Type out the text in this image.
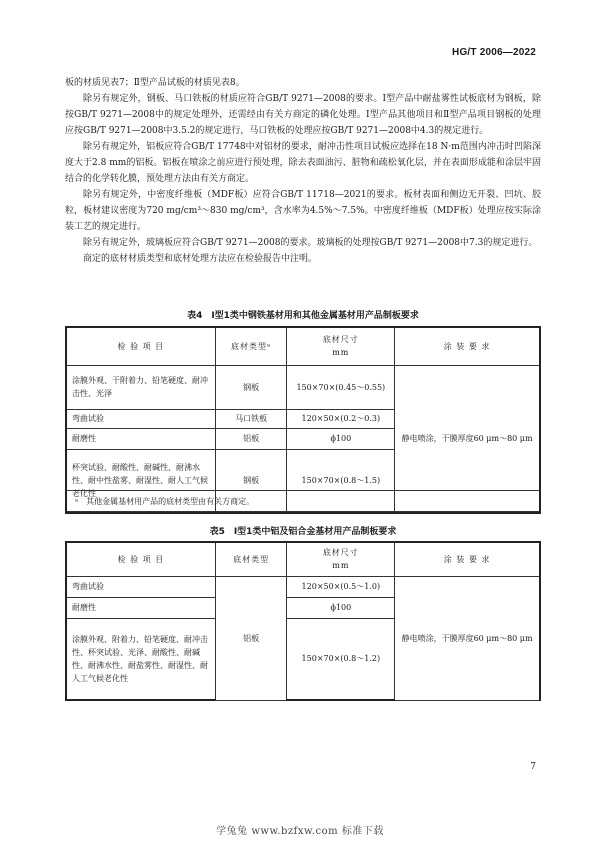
HG/T 2006—2022

板的材质见表7；Ⅱ型产品试板的材质见表8。

除另有规定外，钢板、马口铁板的材质应符合GB/T 9271—2008的要求。Ⅰ型产品中耐盐雾性试板底材为钢板，除按GB/T 9271—2008中的规定处理外，还需经由有关方商定的磷化处理。Ⅰ型产品其他项目和Ⅱ型产品项目钢板的处理应按GB/T 9271—2008中3.5.2的规定进行，马口铁板的处理应按GB/T 9271—2008中4.3的规定进行。

除另有规定外，铝板应符合GB/T 17748中对铝材的要求，耐冲击性项目试板应选择在18 N·m范围内冲击时凹陷深度大于2.8 mm的铝板。铝板在喷涂之前应进行预处理，除去表面油污、脏物和疏松氧化层，并在表面形成能和涂层牢固结合的化学转化膜，预处理方法由有关方商定。

除另有规定外，中密度纤维板（MDF板）应符合GB/T 11718—2021的要求。板材表面和侧边无开裂、凹坑、胶粒，板材建议密度为720 mg/cm³～830 mg/cm³，含水率为4.5%～7.5%。中密度纤维板（MDF板）处理应按实际涂装工艺的规定进行。

除另有规定外，玻璃板应符合GB/T 9271—2008的要求。玻璃板的处理按GB/T 9271—2008中7.3的规定进行。

商定的底材材质类型和底材处理方法应在检验报告中注明。

表4　Ⅰ型1类中钢铁基材用和其他金属基材用产品制板要求
检 验 项 目	底材类型ᵃ	底材尺寸
mm	涂 装 要 求
涂膜外观、干附着力、铅笔硬度、耐冲击性、光泽	钢板	150×70×(0.45～0.55)	静电喷涂，干膜厚度60 μm～80 μm
弯曲试验	马口铁板	120×50×(0.2～0.3)	
耐磨性	铝板	ϕ100	
杯突试验、耐酸性、耐碱性、耐沸水性、耐中性盐雾、耐湿性、耐人工气候老化性	钢板	150×70×(0.8～1.5)	
ᵃ　其他金属基材用产品的底材类型由有关方商定。
表5　Ⅰ型1类中铝及铝合金基材用产品制板要求
检 验 项 目	底材类型	底材尺寸
mm	涂 装 要 求
弯曲试验	铝板	120×50×(0.5～1.0)	静电喷涂，干膜厚度60 μm～80 μm
耐磨性		ϕ100	
涂膜外观、附着力、铅笔硬度、耐冲击性、杯突试验、光泽、耐酸性、耐碱性、耐沸水性、耐盐雾性、耐湿性、耐人工气候老化性		150×70×(0.8～1.2)	
7
学兔兔 www.bzfxw.com 标准下载
